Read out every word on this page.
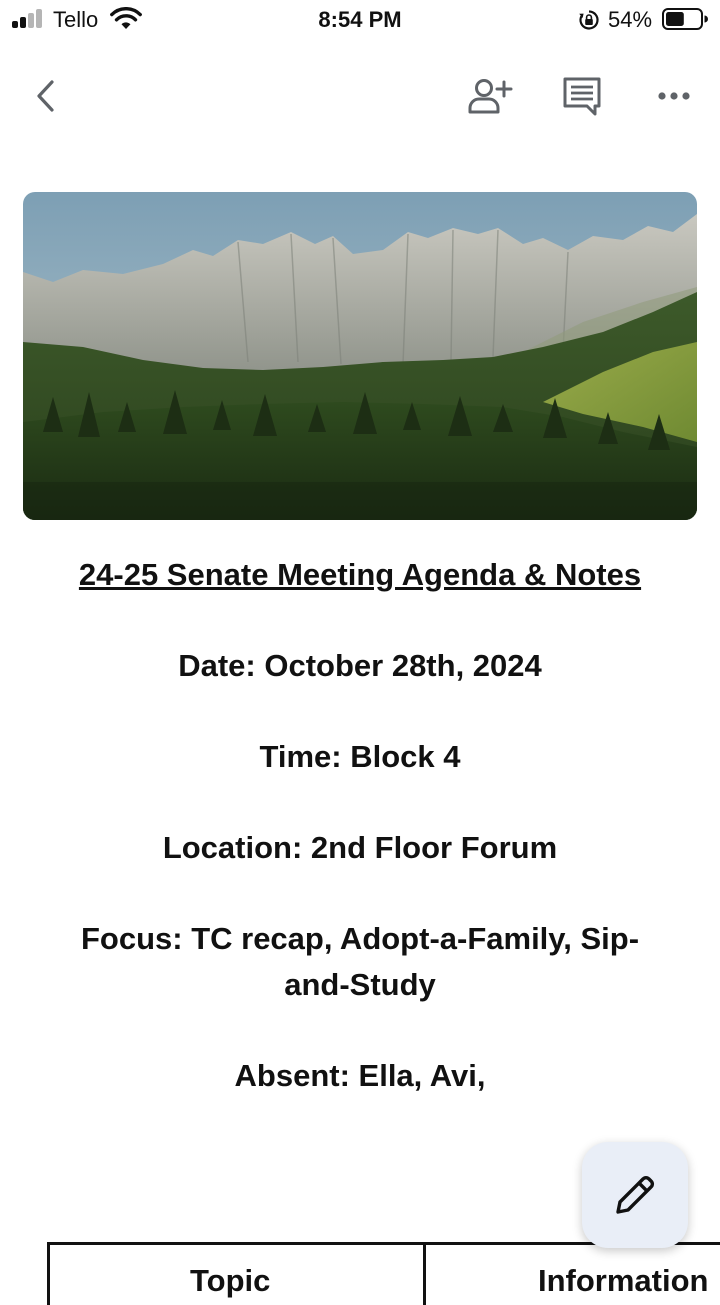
Tello	8:54 PM	54%
24-25 Senate Meeting Agenda & Notes
Date: October 28th, 2024
Time: Block 4
Location: 2nd Floor Forum
Focus: TC recap, Adopt-a-Family, Sip-and-Study
Absent: Ella, Avi,
Topic	Information
